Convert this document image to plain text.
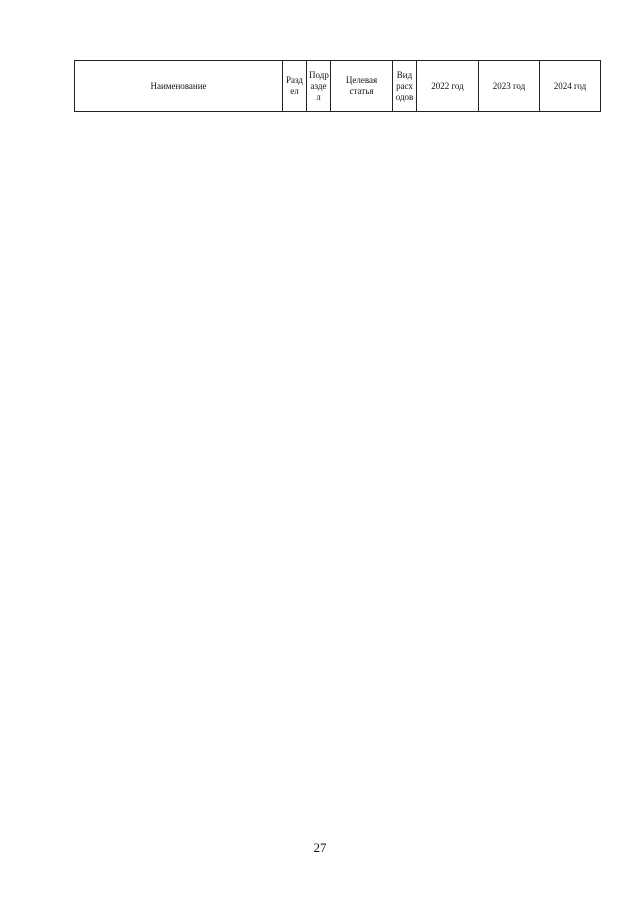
Наименование	Разд ел	Подр азде л	Целевая статья	Вид расх одов	2022 год	2023 год	2024 год
27
